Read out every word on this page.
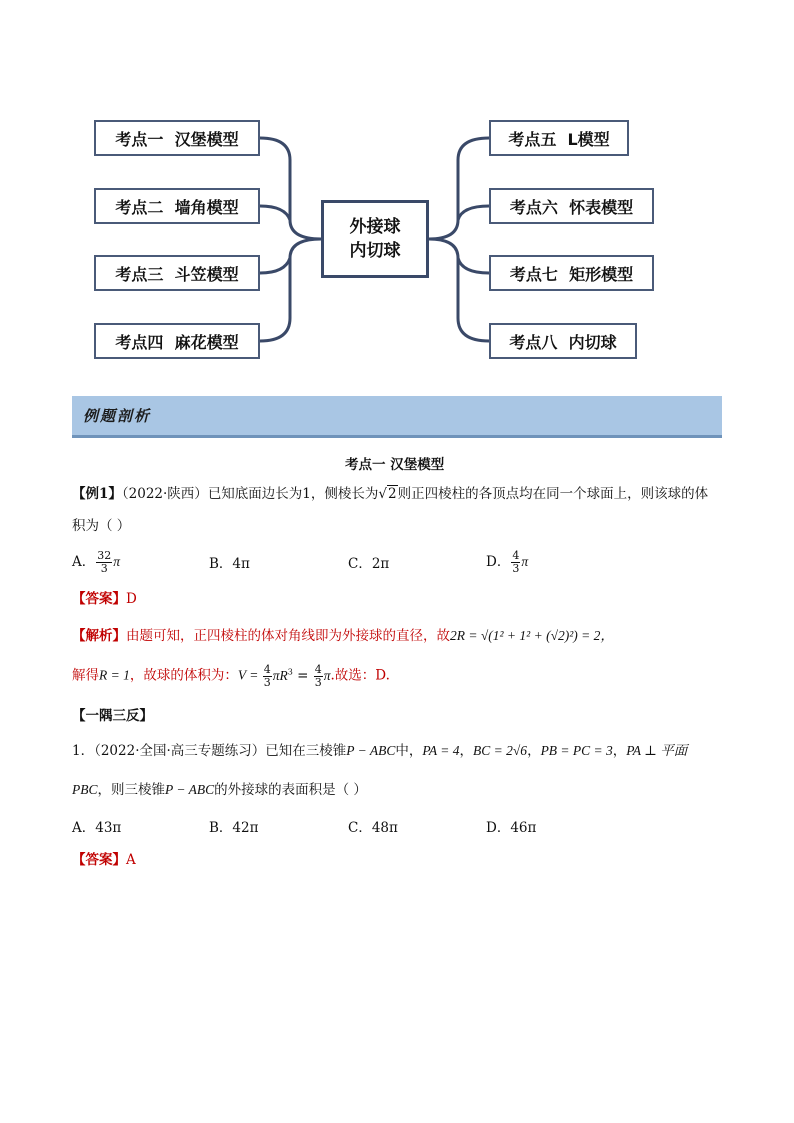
考点一  汉堡模型
考点二  墙角模型
考点三  斗笠模型
考点四  麻花模型
外接球
内切球
考点五  L模型
考点六  怀表模型
考点七  矩形模型
考点八  内切球
例题剖析
考点一 汉堡模型
【例1】（2022·陕西）已知底面边长为1，侧棱长为√2则正四棱柱的各顶点均在同一个球面上，则该球的体
积为（ ）
A． $\frac{32}{3}$ π	B．4π	C．2π	D． $\frac{4}{3}$ π
【答案】D
【解析】由题可知，正四棱柱的体对角线即为外接球的直径，故2R = √(1² + 1² + (√2)²) = 2，
解得R = 1，故球的体积为：$V = \frac{4}{3} \pi R^3 = \frac{4}{3} \pi$.故选：D.
【一隅三反】
1．（2022·全国·高三专题练习）已知在三棱锥P − ABC中，PA = 4，BC = 2√6，PB = PC = 3，PA ⊥ 平面
PBC，则三棱锥P − ABC的外接球的表面积是（ ）
A．43π	B．42π	C．48π	D．46π
【答案】A
